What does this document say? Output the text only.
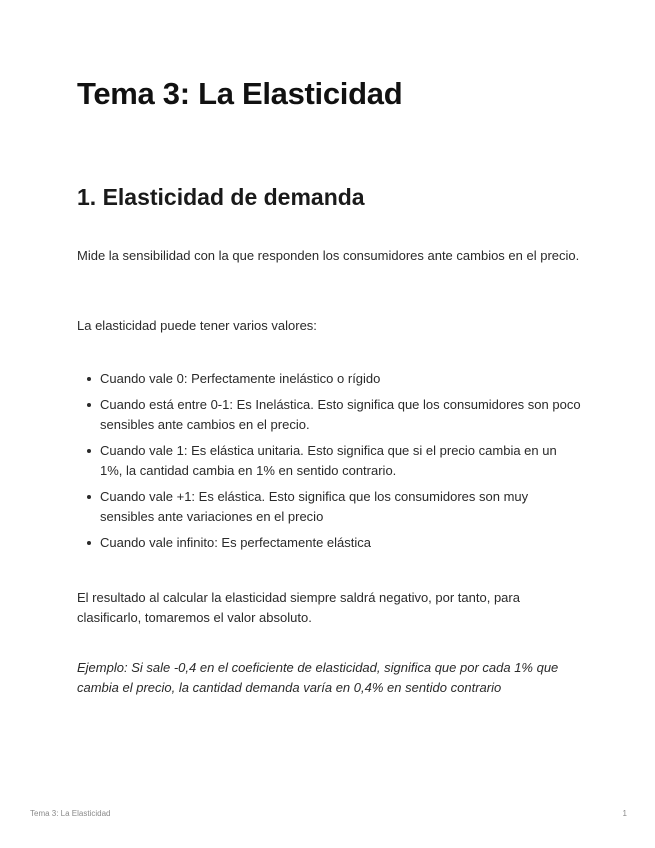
Tema 3: La Elasticidad
1. Elasticidad de demanda

Mide la sensibilidad con la que responden los consumidores ante cambios en el precio.

La elasticidad puede tener varios valores:

Cuando vale 0: Perfectamente inelástico o rígido
Cuando está entre 0-1: Es Inelástica. Esto significa que los consumidores son poco sensibles ante cambios en el precio.
Cuando vale 1: Es elástica unitaria. Esto significa que si el precio cambia en un 1%, la cantidad cambia en 1% en sentido contrario.
Cuando vale +1: Es elástica. Esto significa que los consumidores son muy sensibles ante variaciones en el precio
Cuando vale infinito: Es perfectamente elástica

El resultado al calcular la elasticidad siempre saldrá negativo, por tanto, para clasificarlo, tomaremos el valor absoluto.

Ejemplo: Si sale -0,4 en el coeficiente de elasticidad, significa que por cada 1% que cambia el precio, la cantidad demanda varía en 0,4% en sentido contrario

Tema 3: La Elasticidad	1
